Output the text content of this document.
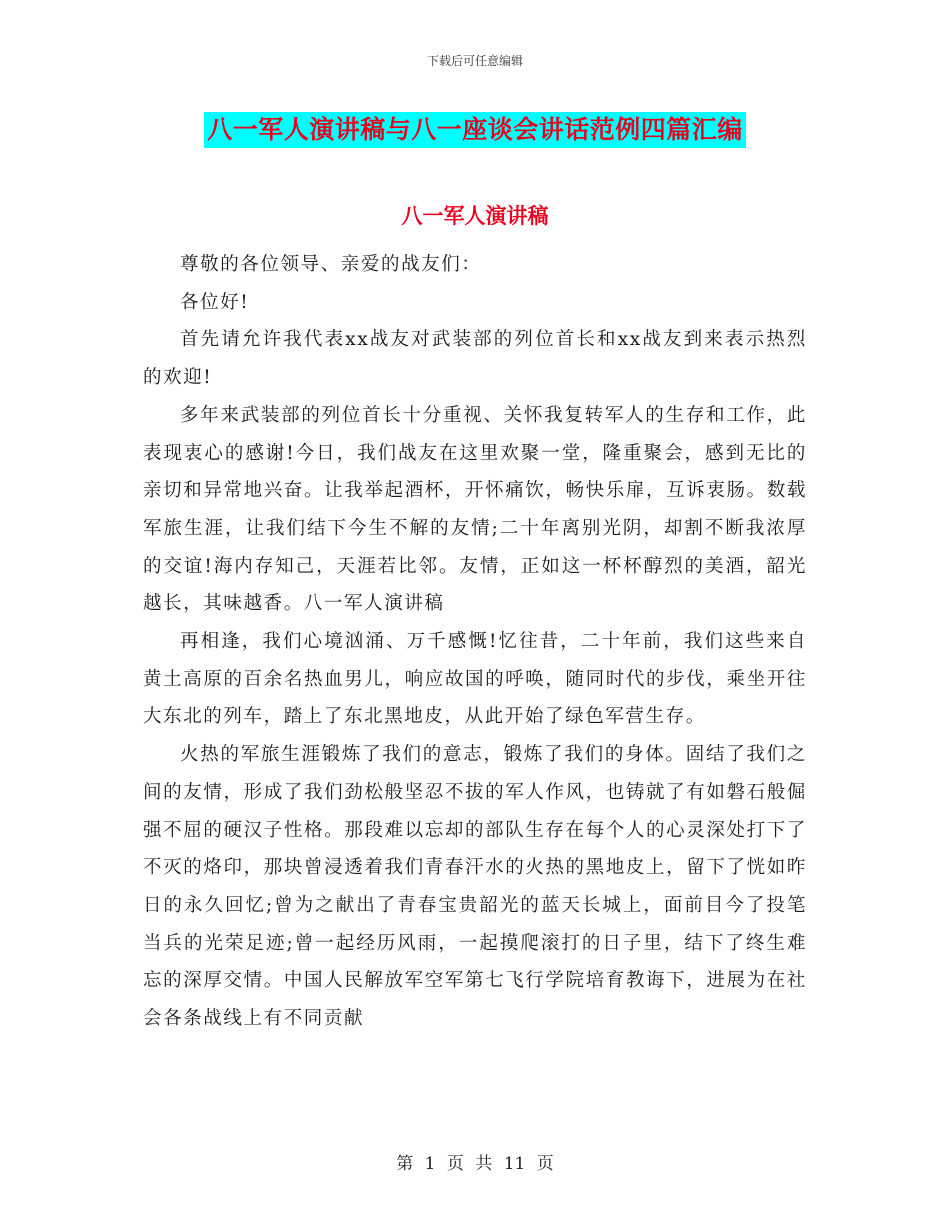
下载后可任意编辑
八一军人演讲稿与八一座谈会讲话范例四篇汇编
八一军人演讲稿

尊敬的各位领导、亲爱的战友们：

各位好!

首先请允许我代表xx战友对武装部的列位首长和xx战友到来表示热烈的欢迎!

多年来武装部的列位首长十分重视、关怀我复转军人的生存和工作，此表现衷心的感谢!今日，我们战友在这里欢聚一堂，隆重聚会，感到无比的亲切和异常地兴奋。让我举起酒杯，开怀痛饮，畅快乐扉，互诉衷肠。数载军旅生涯，让我们结下今生不解的友情;二十年离别光阴，却割不断我浓厚的交谊!海内存知己，天涯若比邻。友情，正如这一杯杯醇烈的美酒，韶光越长，其味越香。八一军人演讲稿

再相逢，我们心境汹涌、万千感慨!忆往昔，二十年前，我们这些来自黄土高原的百余名热血男儿，响应故国的呼唤，随同时代的步伐，乘坐开往大东北的列车，踏上了东北黑地皮，从此开始了绿色军营生存。

火热的军旅生涯锻炼了我们的意志，锻炼了我们的身体。固结了我们之间的友情，形成了我们劲松般坚忍不拔的军人作风，也铸就了有如磐石般倔强不屈的硬汉子性格。那段难以忘却的部队生存在每个人的心灵深处打下了不灭的烙印，那块曾浸透着我们青春汗水的火热的黑地皮上，留下了恍如昨日的永久回忆;曾为之献出了青春宝贵韶光的蓝天长城上，面前目今了投笔当兵的光荣足迹;曾一起经历风雨，一起摸爬滚打的日子里，结下了终生难忘的深厚交情。中国人民解放军空军第七飞行学院培育教诲下，进展为在社会各条战线上有不同贡献

第 1 页 共 11 页
